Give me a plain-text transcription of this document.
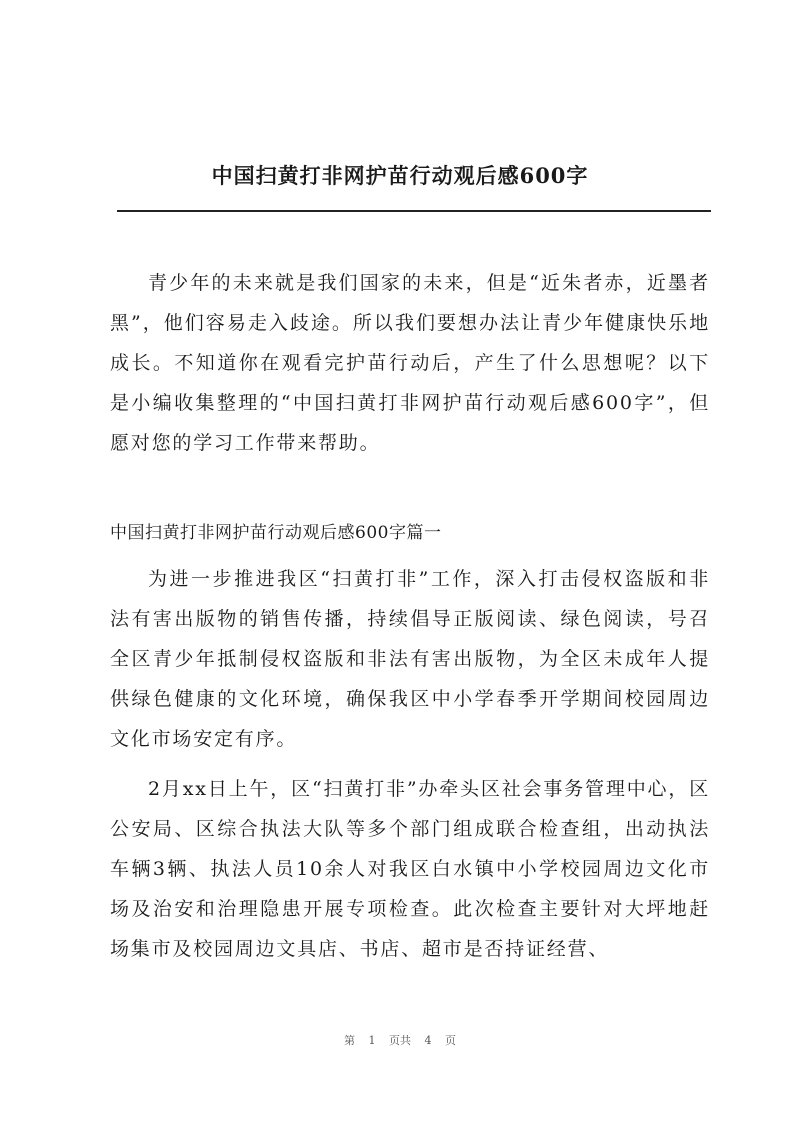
中国扫黄打非网护苗行动观后感600字

青少年的未来就是我们国家的未来，但是“近朱者赤，近墨者黑”，他们容易走入歧途。所以我们要想办法让青少年健康快乐地成长。不知道你在观看完护苗行动后，产生了什么思想呢？以下是小编收集整理的“中国扫黄打非网护苗行动观后感600字”，但愿对您的学习工作带来帮助。

中国扫黄打非网护苗行动观后感600字篇一

为进一步推进我区“扫黄打非”工作，深入打击侵权盗版和非法有害出版物的销售传播，持续倡导正版阅读、绿色阅读，号召全区青少年抵制侵权盗版和非法有害出版物，为全区未成年人提供绿色健康的文化环境，确保我区中小学春季开学期间校园周边文化市场安定有序。

2月xx日上午，区“扫黄打非”办牵头区社会事务管理中心，区公安局、区综合执法大队等多个部门组成联合检查组，出动执法车辆3辆、执法人员10余人对我区白水镇中小学校园周边文化市场及治安和治理隐患开展专项检查。此次检查主要针对大坪地赶场集市及校园周边文具店、书店、超市是否持证经营、

第 1 页共 4 页
